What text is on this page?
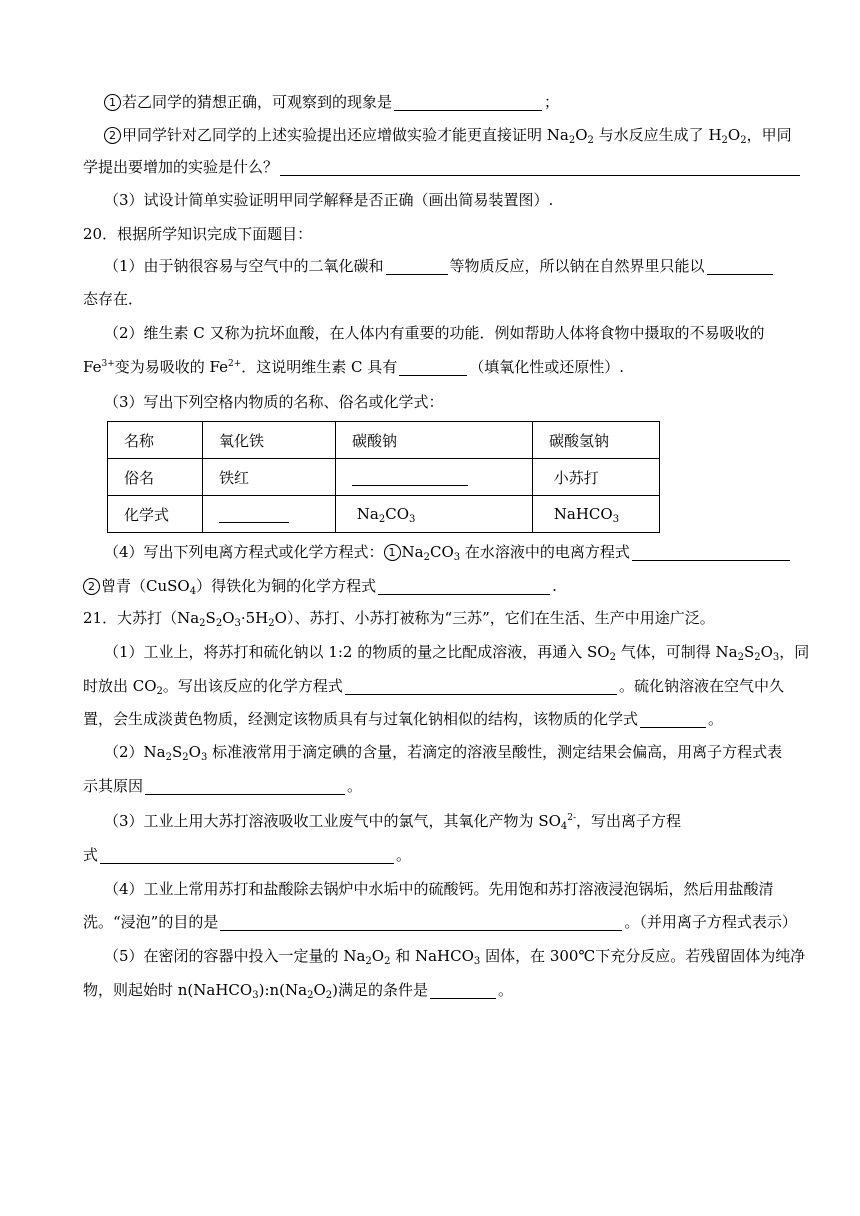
1 若乙同学的猜想正确，可观察到的现象是	；
2 甲同学针对乙同学的上述实验提出还应增做实验才能更直接证明 $Na_2O_2$ 与水反应生成了 $H_2O_2$，甲同
学提出要增加的实验是什么？
（3）试设计简单实验证明甲同学解释是否正确（画出简易装置图）.
20．根据所学知识完成下面题目：
（1）由于钠很容易与空气中的二氧化碳和	等物质反应，所以钠在自然界里只能以
态存在．
（2）维生素 C 又称为抗坏血酸，在人体内有重要的功能．例如帮助人体将食物中摄取的不易吸收的
$Fe^{3+}$变为易吸收的 $Fe^{2+}$．这说明维生素 C 具有	（填氧化性或还原性）.
（3）写出下列空格内物质的名称、俗名或化学式：
名称	氧化铁	碳酸钠	碳酸氢钠
俗名	铁红		小苏打
化学式		$Na_2CO_3$	NaHCO$_3$
（4）写出下列电离方程式或化学方程式： 1 $Na_2CO_3$ 在水溶液中的电离方程式
2 曾青（CuSO$_4$）得铁化为铜的化学方程式	.
21．大苏打$(Na_2S_2O_3\cdot 5H_2O)$、苏打、小苏打被称为“三苏”，它们在生活、生产中用途广泛。
（1）工业上，将苏打和硫化钠以 1:2 的物质的量之比配成溶液，再通入 $SO_2$ 气体，可制得 $Na_2S_2O_3$，同
时放出 $CO_2$。写出该反应的化学方程式	。硫化钠溶液在空气中久
置，会生成淡黄色物质，经测定该物质具有与过氧化钠相似的结构，该物质的化学式	。
$(2)Na_2S_2O_3$ 标准液常用于滴定碘的含量，若滴定的溶液呈酸性，测定结果会偏高，用离子方程式表
示其原因	。
（3）工业上用大苏打溶液吸收工业废气中的氯气，其氧化产物为 $SO_4^{2-}$，写出离子方程
式	。
（4）工业上常用苏打和盐酸除去锅炉中水垢中的硫酸钙。先用饱和苏打溶液浸泡锅垢，然后用盐酸清
洗。“浸泡”的目的是	。（并用离子方程式表示）
（5）在密闭的容器中投入一定量的 $Na_2O_2$ 和 NaHCO$_3$ 固体，在 300℃下充分反应。若残留固体为纯净
物，则起始时 $n(NaHCO_3):n(Na_2O_2)$满足的条件是	。
